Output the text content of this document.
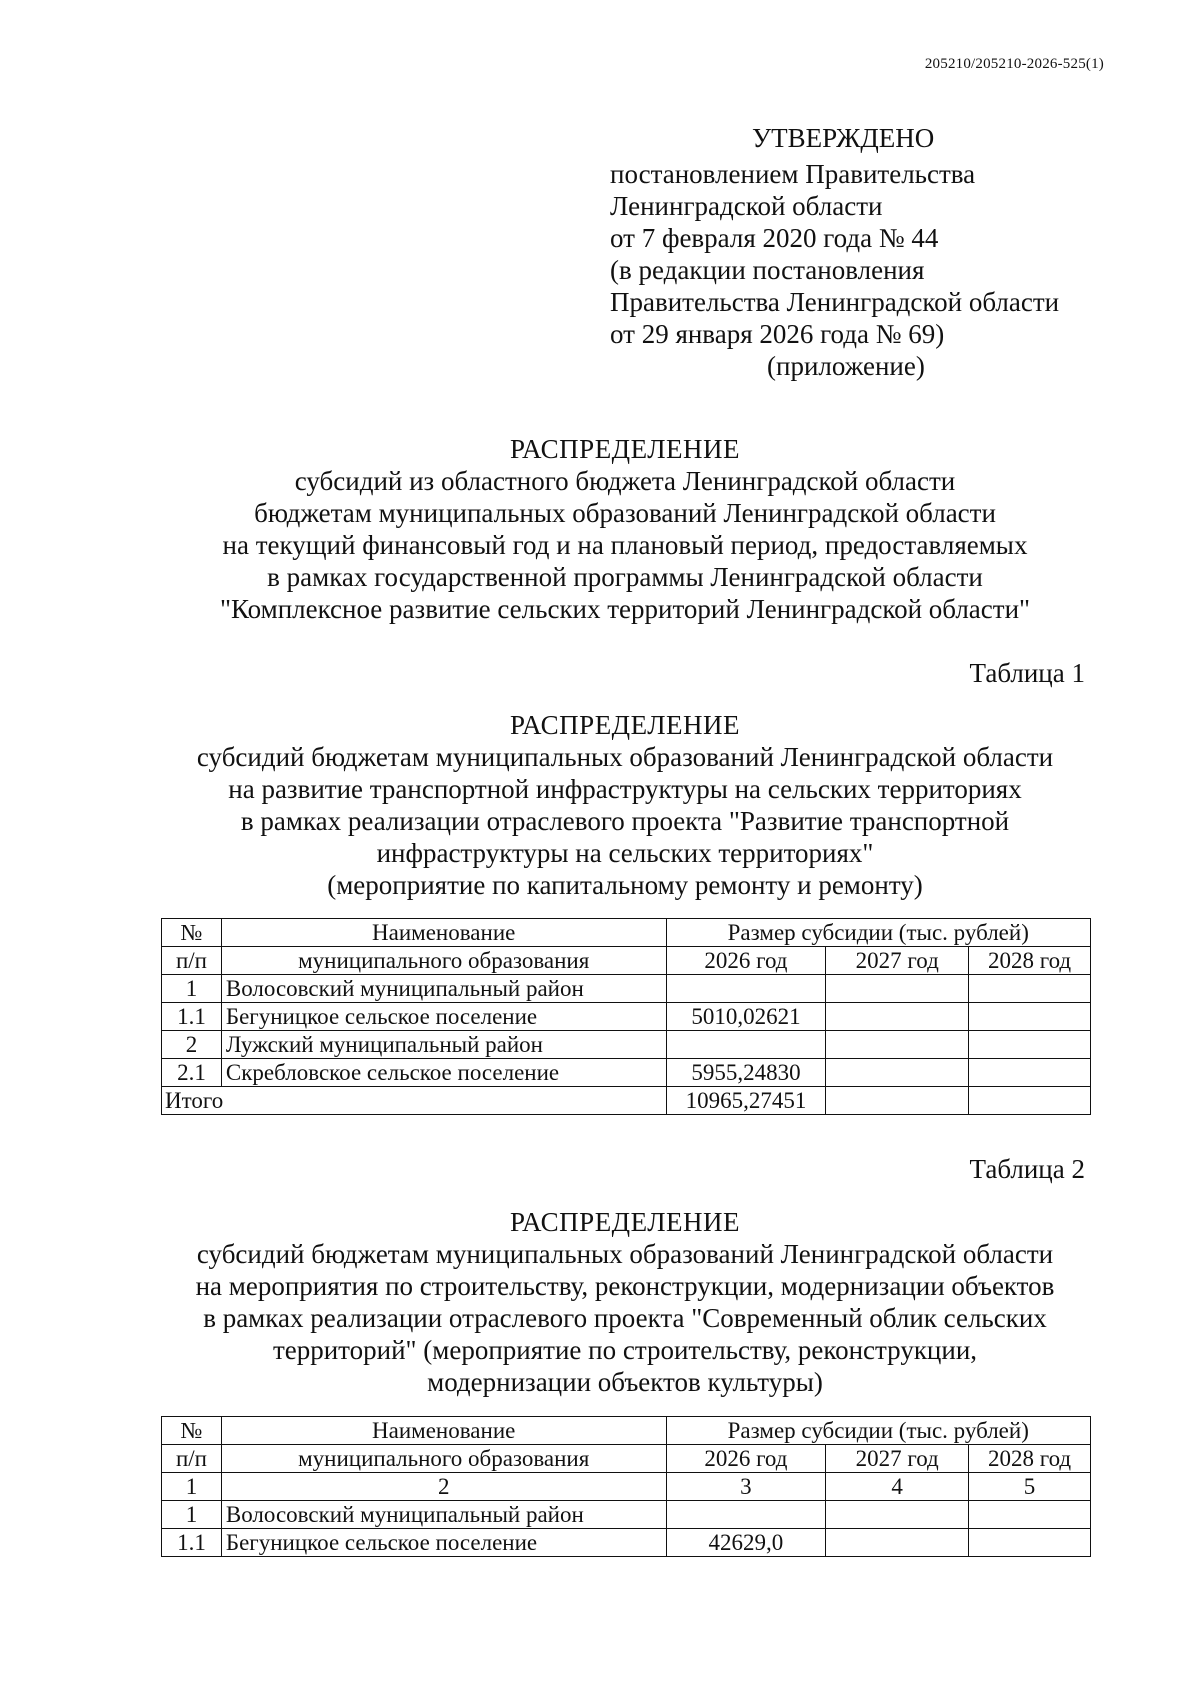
205210/205210-2026-525(1)
УТВЕРЖДЕНО
постановлением Правительства
Ленинградской области
от 7 февраля 2020 года № 44
(в редакции постановления
Правительства Ленинградской области
от 29 января 2026 года № 69)
(приложение)
РАСПРЕДЕЛЕНИЕ
субсидий из областного бюджета Ленинградской области
бюджетам муниципальных образований Ленинградской области
на текущий финансовый год и на плановый период, предоставляемых
в рамках государственной программы Ленинградской области
"Комплексное развитие сельских территорий Ленинградской области"
Таблица 1
РАСПРЕДЕЛЕНИЕ
субсидий бюджетам муниципальных образований Ленинградской области
на развитие транспортной инфраструктуры на сельских территориях
в рамках реализации отраслевого проекта "Развитие транспортной
инфраструктуры на сельских территориях"
(мероприятие по капитальному ремонту и ремонту)
№	Наименование	Размер субсидии (тыс. рублей)		
п/п	муниципального образования	2026 год	2027 год	2028 год
1	Волосовский муниципальный район			
1.1	Бегуницкое сельское поселение	5010,02621		
2	Лужский муниципальный район			
2.1	Скребловское сельское поселение	5955,24830		
Итого		10965,27451		
Таблица 2
РАСПРЕДЕЛЕНИЕ
субсидий бюджетам муниципальных образований Ленинградской области
на мероприятия по строительству, реконструкции, модернизации объектов
в рамках реализации отраслевого проекта "Современный облик сельских
территорий" (мероприятие по строительству, реконструкции,
модернизации объектов культуры)
№	Наименование	Размер субсидии (тыс. рублей)		
п/п	муниципального образования	2026 год	2027 год	2028 год
1	2	3	4	5
1	Волосовский муниципальный район			
1.1	Бегуницкое сельское поселение	42629,0		
